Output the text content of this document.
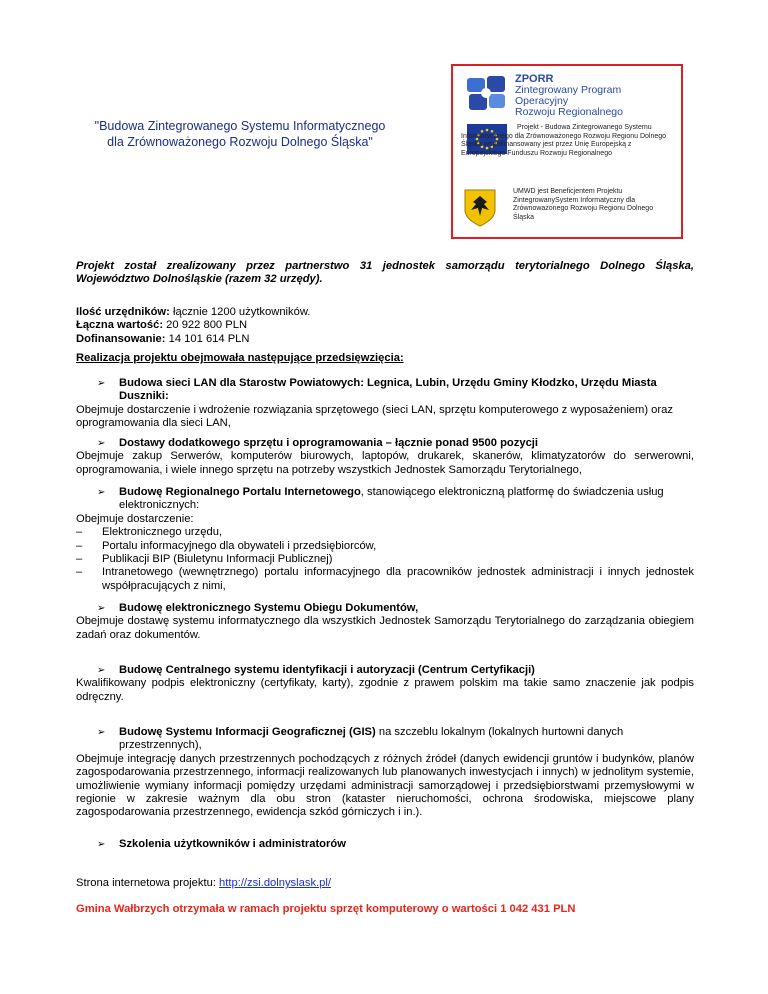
"Budowa Zintegrowanego Systemu Informatycznego
dla Zrównoważonego Rozwoju Dolnego Śląska"
ZPORR
Zintegrowany Program
Operacyjny
Rozwoju Regionalnego
Projekt - Budowa Zintegrowanego Systemu Informatycznego dla Zrównoważonego Rozwoju Regionu Dolnego Śląska współfinansowany jest przez Unię Europejską z Europejskiego Funduszu Rozwoju Regionalnego
UMWD jest Beneficjentem Projektu ZintegrowanySystem Informatyczny dla Zrównoważonego Rozwoju Regionu Dolnego Śląska
Projekt został zrealizowany przez partnerstwo 31 jednostek samorządu terytorialnego Dolnego Śląska, Województwo Dolnośląskie (razem 32 urzędy).
Ilość urzędników: łącznie 1200 użytkowników.
Łączna wartość: 20 922 800 PLN
Dofinansowanie: 14 101 614 PLN
Realizacja projektu obejmowała następujące przedsięwzięcia:
➢ Budowa sieci LAN dla Starostw Powiatowych: Legnica, Lubin, Urzędu Gminy Kłodzko, Urzędu Miasta Duszniki:
Obejmuje dostarczenie i wdrożenie rozwiązania sprzętowego (sieci LAN, sprzętu komputerowego z wyposażeniem) oraz oprogramowania dla sieci LAN,
➢ Dostawy dodatkowego sprzętu i oprogramowania – łącznie ponad 9500 pozycji
Obejmuje zakup Serwerów, komputerów biurowych, laptopów, drukarek, skanerów, klimatyzatorów do serwerowni, oprogramowania, i wiele innego sprzętu na potrzeby wszystkich Jednostek Samorządu Terytorialnego,
➢ Budowę Regionalnego Portalu Internetowego, stanowiącego elektroniczną platformę do świadczenia usług elektronicznych:
Obejmuje dostarczenie:
– Elektronicznego urzędu,
– Portalu informacyjnego dla obywateli i przedsiębiorców,
– Publikacji BIP (Biuletynu Informacji Publicznej)
– Intranetowego (wewnętrznego) portalu informacyjnego dla pracowników jednostek administracji i innych jednostek współpracujących z nimi,
➢ Budowę elektronicznego Systemu Obiegu Dokumentów,
Obejmuje dostawę systemu informatycznego dla wszystkich Jednostek Samorządu Terytorialnego do zarządzania obiegiem zadań oraz dokumentów.
➢ Budowę Centralnego systemu identyfikacji i autoryzacji (Centrum Certyfikacji)
Kwalifikowany podpis elektroniczny (certyfikaty, karty), zgodnie z prawem polskim ma takie samo znaczenie jak podpis odręczny.
➢ Budowę Systemu Informacji Geograficznej (GIS) na szczeblu lokalnym (lokalnych hurtowni danych przestrzennych),
Obejmuje integrację danych przestrzennych pochodzących z różnych źródeł (danych ewidencji gruntów i budynków, planów zagospodarowania przestrzennego, informacji realizowanych lub planowanych inwestycjach i innych) w jednolitym systemie, umożliwienie wymiany informacji pomiędzy urzędami administracji samorządowej i przedsiębiorstwami przemysłowymi w regionie w zakresie ważnym dla obu stron (kataster nieruchomości, ochrona środowiska, miejscowe plany zagospodarowania przestrzennego, ewidencja szkód górniczych i in.).
➢ Szkolenia użytkowników i administratorów
Strona internetowa projektu: http://zsi.dolnyslask.pl/
Gmina Wałbrzych otrzymała w ramach projektu sprzęt komputerowy o wartości 1 042 431 PLN
